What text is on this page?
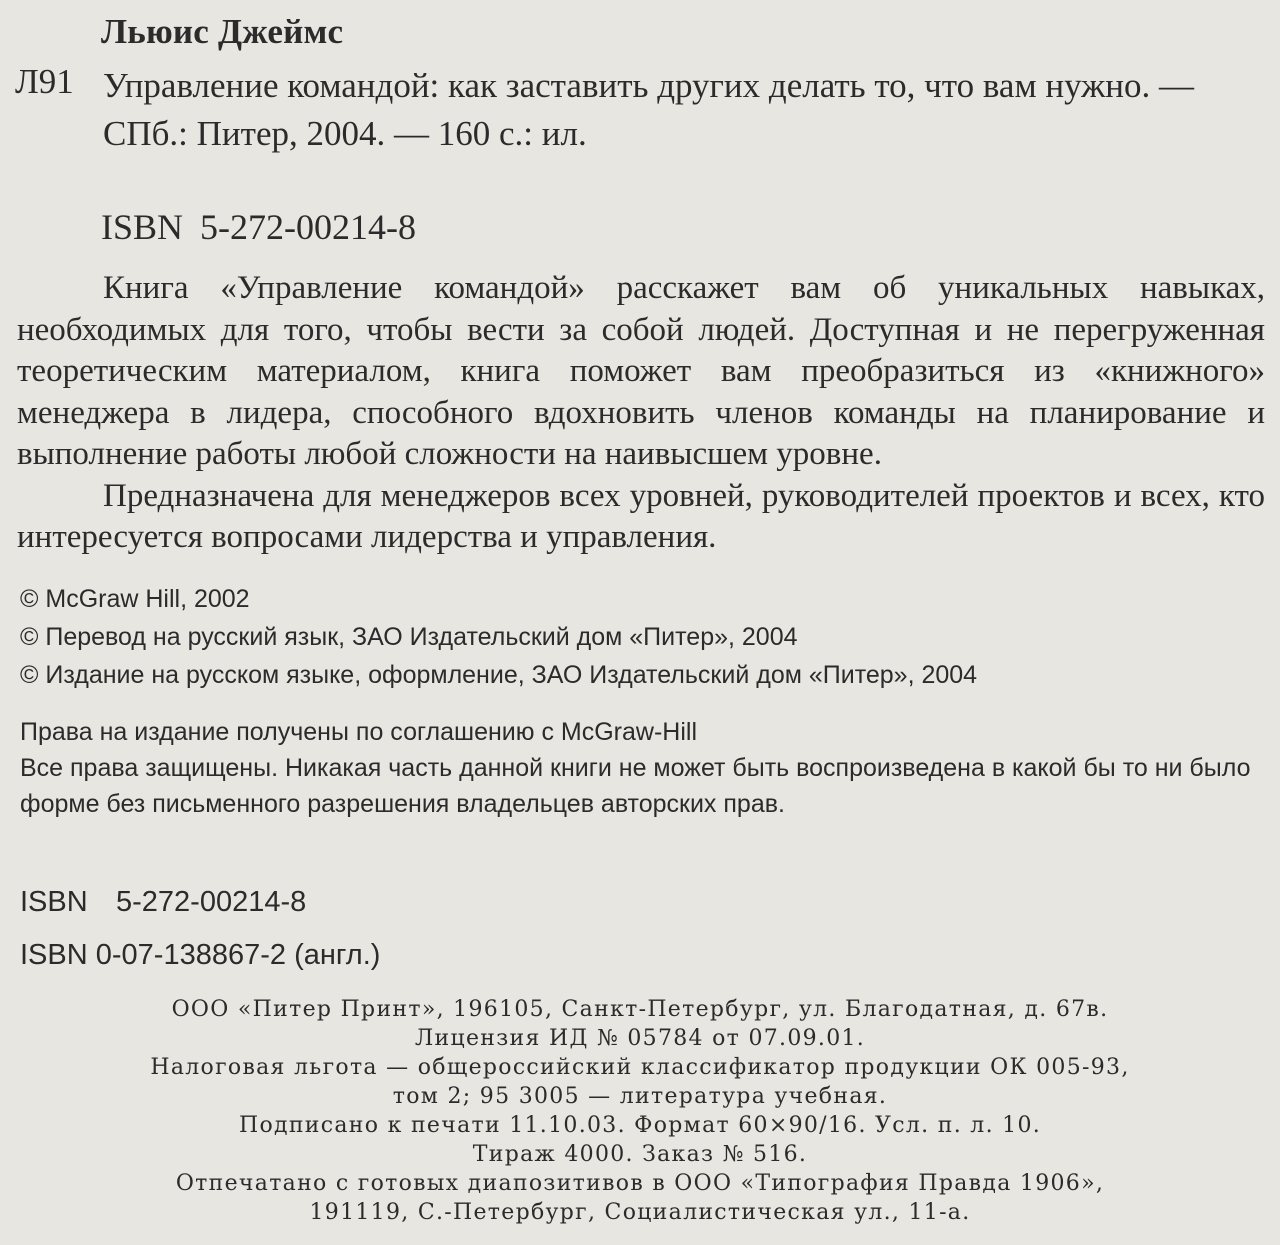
Льюис Джеймс
Л91 Управление командой: как заставить других делать то, что вам нужно. —
СПб.: Питер, 2004. — 160 с.: ил.
ISBN 5-272-00214-8

Книга «Управление командой» расскажет вам об уникальных навыках, необходимых для того, чтобы вести за собой людей. Доступная и не перегруженная теоретическим материалом, книга поможет вам преобразиться из «книжного» менеджера в лидера, способного вдохновить членов команды на планирование и выполнение работы любой сложности на наивысшем уровне.

Предназначена для менеджеров всех уровней, руководителей проектов и всех, кто интересуется вопросами лидерства и управления.

© McGraw Hill, 2002
© Перевод на русский язык, ЗАО Издательский дом «Питер», 2004
© Издание на русском языке, оформление, ЗАО Издательский дом «Питер», 2004
Права на издание получены по соглашению с McGraw-Hill
Все права защищены. Никакая часть данной книги не может быть воспроизведена в какой бы то ни было форме без письменного разрешения владельцев авторских прав.
ISBN 5-272-00214-8
ISBN 0-07-138867-2 (англ.)
ООО «Питер Принт», 196105, Санкт-Петербург, ул. Благодатная, д. 67в.
Лицензия ИД № 05784 от 07.09.01.
Налоговая льгота — общероссийский классификатор продукции ОК 005-93,
том 2; 95 3005 — литература учебная.
Подписано к печати 11.10.03. Формат 60×90/16. Усл. п. л. 10.
Тираж 4000. Заказ № 516.
Отпечатано с готовых диапозитивов в ООО «Типография Правда 1906»,
191119, С.-Петербург, Социалистическая ул., 11-а.
